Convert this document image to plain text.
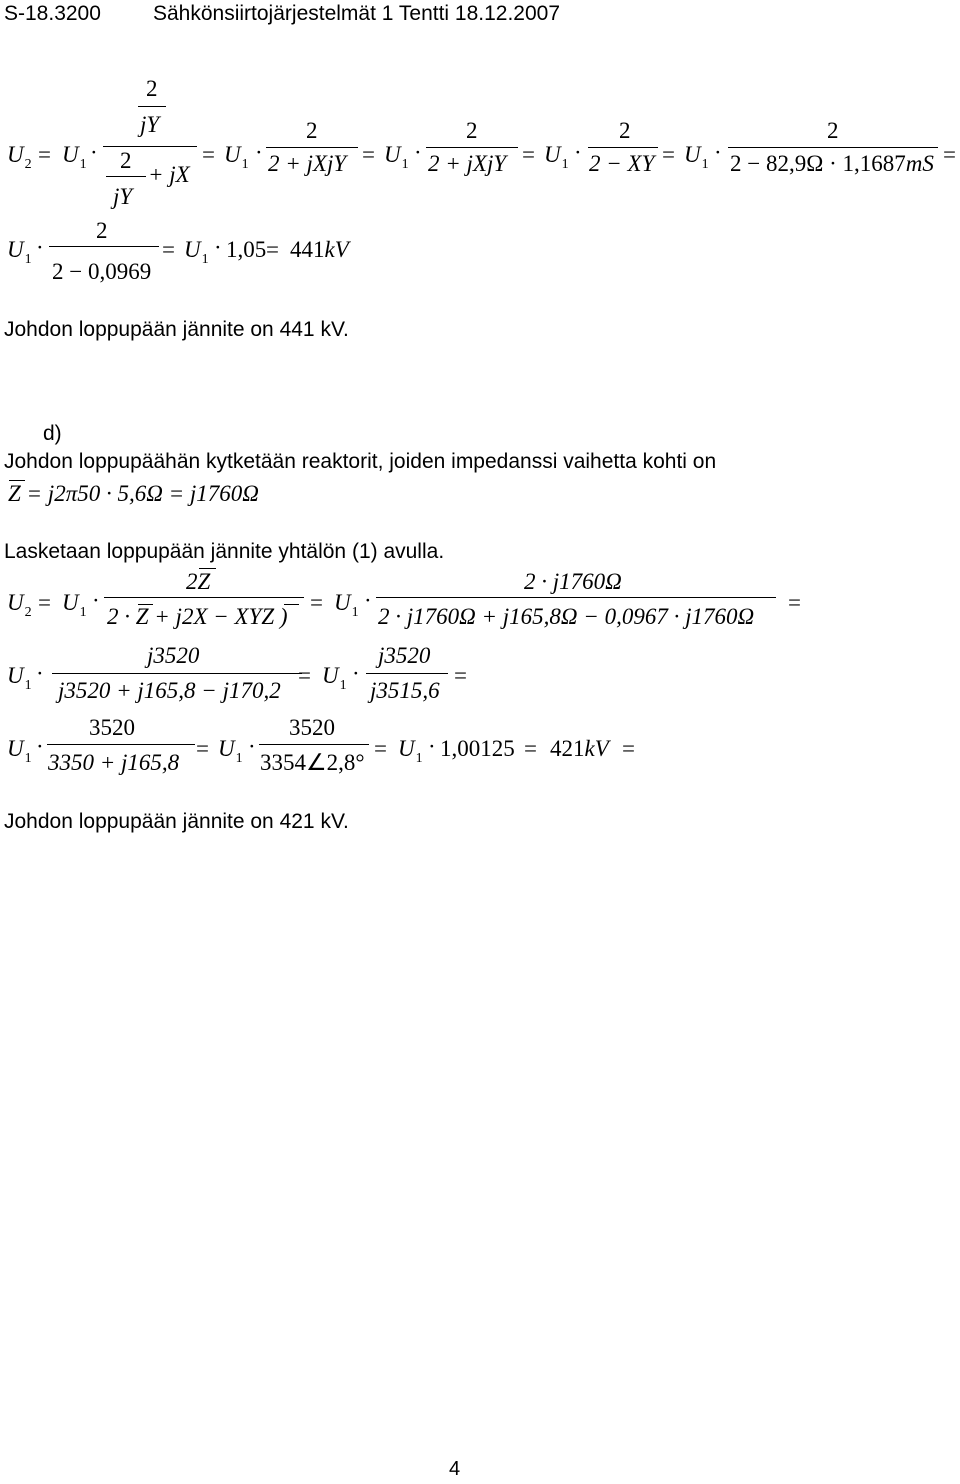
S-18.3200 Sähkönsiirtojärjestelmät 1 Tentti 18.12.2007
$U_2 = U_1$ ·
2
jY
2
jY
+ jX
= $U_1$ ·
2
2 + jXjY = $U_1$ ·
2
2 + jXjY = $U_1$ ·
2
2 − XY = $U_1$ ·
2
2 − 82,9Ω · 1,1687mS =
$U_1$ ·
2
2 − 0,0969
= $U_1 \cdot 1,05 = 441kV$
Johdon loppupään jännite on 441 kV.
d)
Johdon loppupäähän kytketään reaktorit, joiden impedanssi vaihetta kohti on
Z = j2π50 · 5,6Ω = j1760Ω
Lasketaan loppupään jännite yhtälön (1) avulla.
$U_2 = U_1$ ·
2Z
2 · Z + j2X − XYZ )
= $U_1$ ·
2 · j1760Ω
2 · j1760Ω + j165,8Ω − 0,0967 · j1760Ω
=
$U_1$ ·
j3520
j3520 + j165,8 − j170,2
= $U_1$ ·
j3520
j3515,6
=
$U_1$ ·
3520
3350 + j165,8
= $U_1$ ·
3520
3354∠2,8°
= $U_1 \cdot 1,00125 = 421kV$ =
Johdon loppupään jännite on 421 kV.
4
